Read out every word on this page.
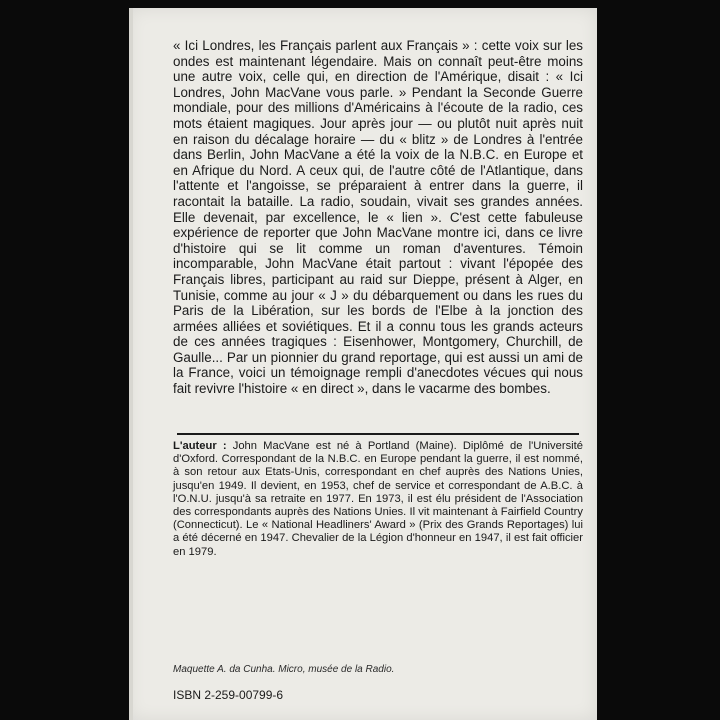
« Ici Londres, les Français parlent aux Français » : cette voix sur les ondes est maintenant légendaire. Mais on connaît peut-être moins une autre voix, celle qui, en direction de l'Amérique, disait : « Ici Londres, John MacVane vous parle. » Pendant la Seconde Guerre mondiale, pour des millions d'Américains à l'écoute de la radio, ces mots étaient magiques. Jour après jour — ou plutôt nuit après nuit en raison du décalage horaire — du « blitz » de Londres à l'entrée dans Berlin, John MacVane a été la voix de la N.B.C. en Europe et en Afrique du Nord. A ceux qui, de l'autre côté de l'Atlantique, dans l'attente et l'angoisse, se préparaient à entrer dans la guerre, il racontait la bataille. La radio, soudain, vivait ses grandes années. Elle devenait, par excellence, le « lien ». C'est cette fabuleuse expérience de reporter que John MacVane montre ici, dans ce livre d'histoire qui se lit comme un roman d'aventures. Témoin incomparable, John MacVane était partout : vivant l'épopée des Français libres, participant au raid sur Dieppe, présent à Alger, en Tunisie, comme au jour « J » du débarquement ou dans les rues du Paris de la Libération, sur les bords de l'Elbe à la jonction des armées alliées et soviétiques. Et il a connu tous les grands acteurs de ces années tragiques : Eisenhower, Montgomery, Churchill, de Gaulle... Par un pionnier du grand reportage, qui est aussi un ami de la France, voici un témoignage rempli d'anecdotes vécues qui nous fait revivre l'histoire « en direct », dans le vacarme des bombes.

L'auteur : John MacVane est né à Portland (Maine). Diplômé de l'Université d'Oxford. Correspondant de la N.B.C. en Europe pendant la guerre, il est nommé, à son retour aux Etats-Unis, correspondant en chef auprès des Nations Unies, jusqu'en 1949. Il devient, en 1953, chef de service et correspondant de A.B.C. à l'O.N.U. jusqu'à sa retraite en 1977. En 1973, il est élu président de l'Association des correspondants auprès des Nations Unies. Il vit maintenant à Fairfield Country (Connecticut). Le « National Headliners' Award » (Prix des Grands Reportages) lui a été décerné en 1947. Chevalier de la Légion d'honneur en 1947, il est fait officier en 1979.

Maquette A. da Cunha. Micro, musée de la Radio.
ISBN 2-259-00799-6
